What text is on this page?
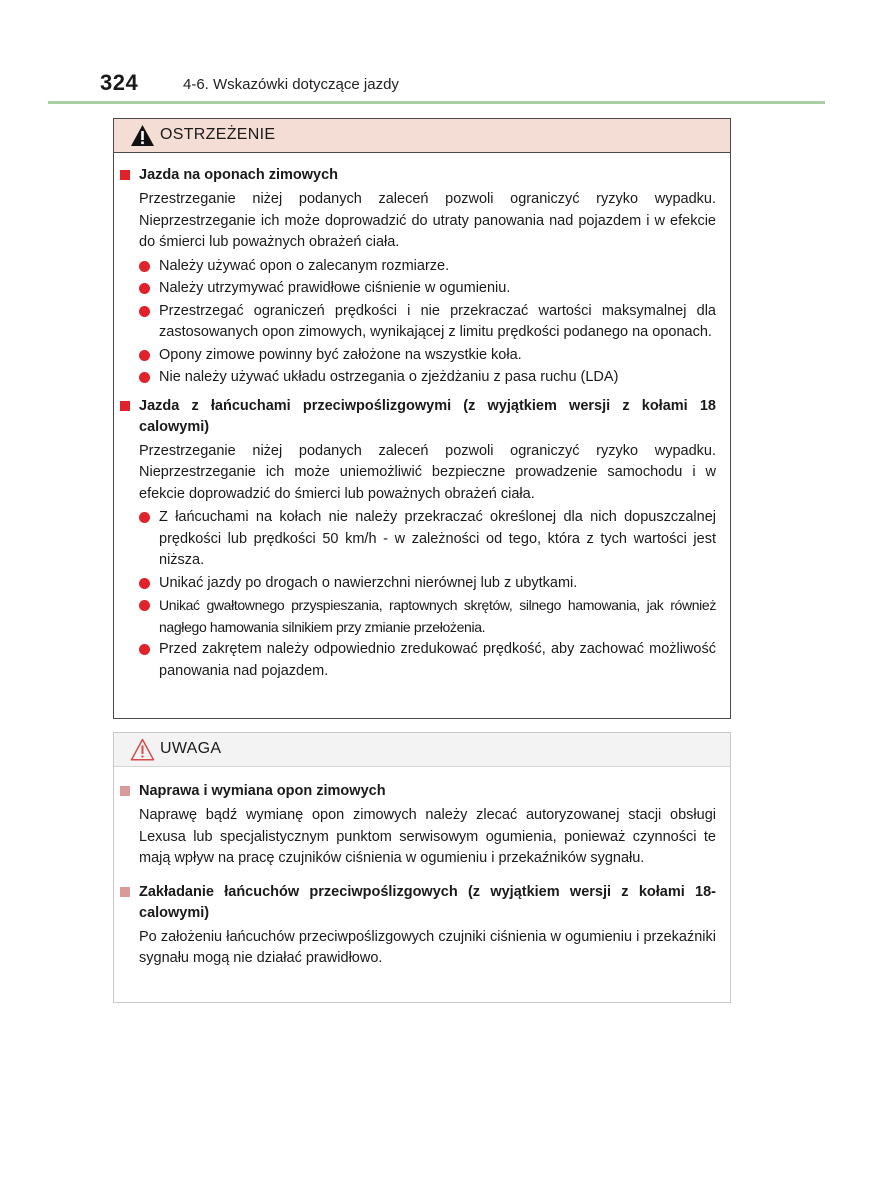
324	4-6. Wskazówki dotyczące jazdy
OSTRZEŻENIE
Jazda na oponach zimowych
Przestrzeganie niżej podanych zaleceń pozwoli ograniczyć ryzyko wypadku. Nieprzestrzeganie ich może doprowadzić do utraty panowania nad pojazdem i w efekcie do śmierci lub poważnych obrażeń ciała.
Należy używać opon o zalecanym rozmiarze.
Należy utrzymywać prawidłowe ciśnienie w ogumieniu.
Przestrzegać ograniczeń prędkości i nie przekraczać wartości maksymalnej dla zastosowanych opon zimowych, wynikającej z limitu prędkości podanego na oponach.
Opony zimowe powinny być założone na wszystkie koła.
Nie należy używać układu ostrzegania o zjeżdżaniu z pasa ruchu (LDA)
Jazda z łańcuchami przeciwpoślizgowymi (z wyjątkiem wersji z kołami 18 calowymi)
Przestrzeganie niżej podanych zaleceń pozwoli ograniczyć ryzyko wypadku. Nieprzestrzeganie ich może uniemożliwić bezpieczne prowadzenie samochodu i w efekcie doprowadzić do śmierci lub poważnych obrażeń ciała.
Z łańcuchami na kołach nie należy przekraczać określonej dla nich dopuszczalnej prędkości lub prędkości 50 km/h - w zależności od tego, która z tych wartości jest niższa.
Unikać jazdy po drogach o nawierzchni nierównej lub z ubytkami.
Unikać gwałtownego przyspieszania, raptownych skrętów, silnego hamowania, jak również nagłego hamowania silnikiem przy zmianie przełożenia.
Przed zakrętem należy odpowiednio zredukować prędkość, aby zachować możliwość panowania nad pojazdem.
UWAGA
Naprawa i wymiana opon zimowych
Naprawę bądź wymianę opon zimowych należy zlecać autoryzowanej stacji obsługi Lexusa lub specjalistycznym punktom serwisowym ogumienia, ponieważ czynności te mają wpływ na pracę czujników ciśnienia w ogumieniu i przekaźników sygnału.
Zakładanie łańcuchów przeciwpoślizgowych (z wyjątkiem wersji z kołami 18-calowymi)
Po założeniu łańcuchów przeciwpoślizgowych czujniki ciśnienia w ogumieniu i przekaźniki sygnału mogą nie działać prawidłowo.
